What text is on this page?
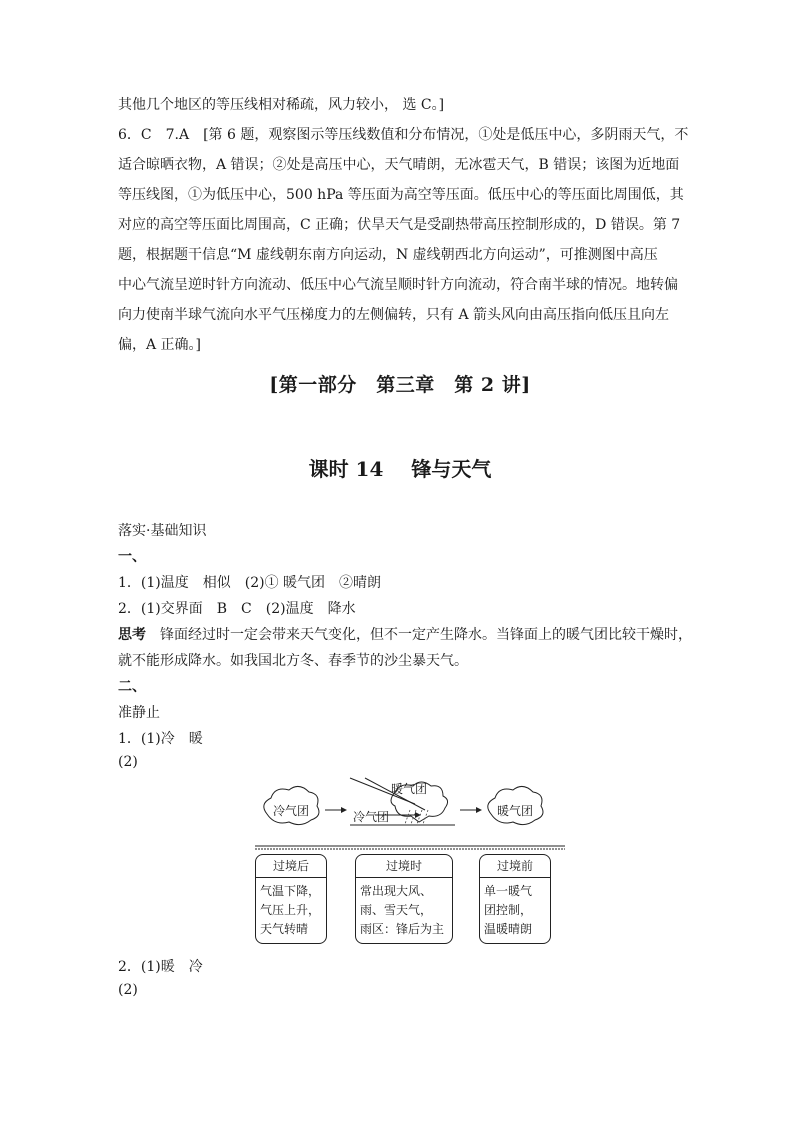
其他几个地区的等压线相对稀疏，风力较小， 选 C。]
6．C　7.A　[第 6 题，观察图示等压线数值和分布情况，①处是低压中心，多阴雨天气，不
适合晾晒衣物，A 错误；②处是高压中心，天气晴朗，无冰雹天气，B 错误；该图为近地面
等压线图，①为低压中心，500 hPa 等压面为高空等压面。低压中心的等压面比周围低，其
对应的高空等压面比周围高，C 正确；伏旱天气是受副热带高压控制形成的，D 错误。第 7
题，根据题干信息“M 虚线朝东南方向运动，N 虚线朝西北方向运动”，可推测图中高压
中心气流呈逆时针方向流动、低压中心气流呈顺时针方向流动，符合南半球的情况。地转偏
向力使南半球气流向水平气压梯度力的左侧偏转，只有 A 箭头风向由高压指向低压且向左
偏，A 正确。]
[第一部分　第三章　第 2 讲]
课时 14 锋与天气
落实·基础知识
一、
1．(1)温度　相似　(2)① 暖气团　②晴朗
2．(1)交界面　B　C　(2)温度　降水
思考 锋面经过时一定会带来天气变化，但不一定产生降水。当锋面上的暖气团比较干燥时，
就不能形成降水。如我国北方冬、春季节的沙尘暴天气。
二、
准静止
1．(1)冷　暖
(2)
2．(1)暖　冷
(2)
冷气团
暖气团
冷气团	暖气团
过境后
气温下降，
气压上升，
天气转晴
过境时
常出现大风、
雨、雪天气，
雨区：锋后为主
过境前
单一暖气
团控制，
温暖晴朗
